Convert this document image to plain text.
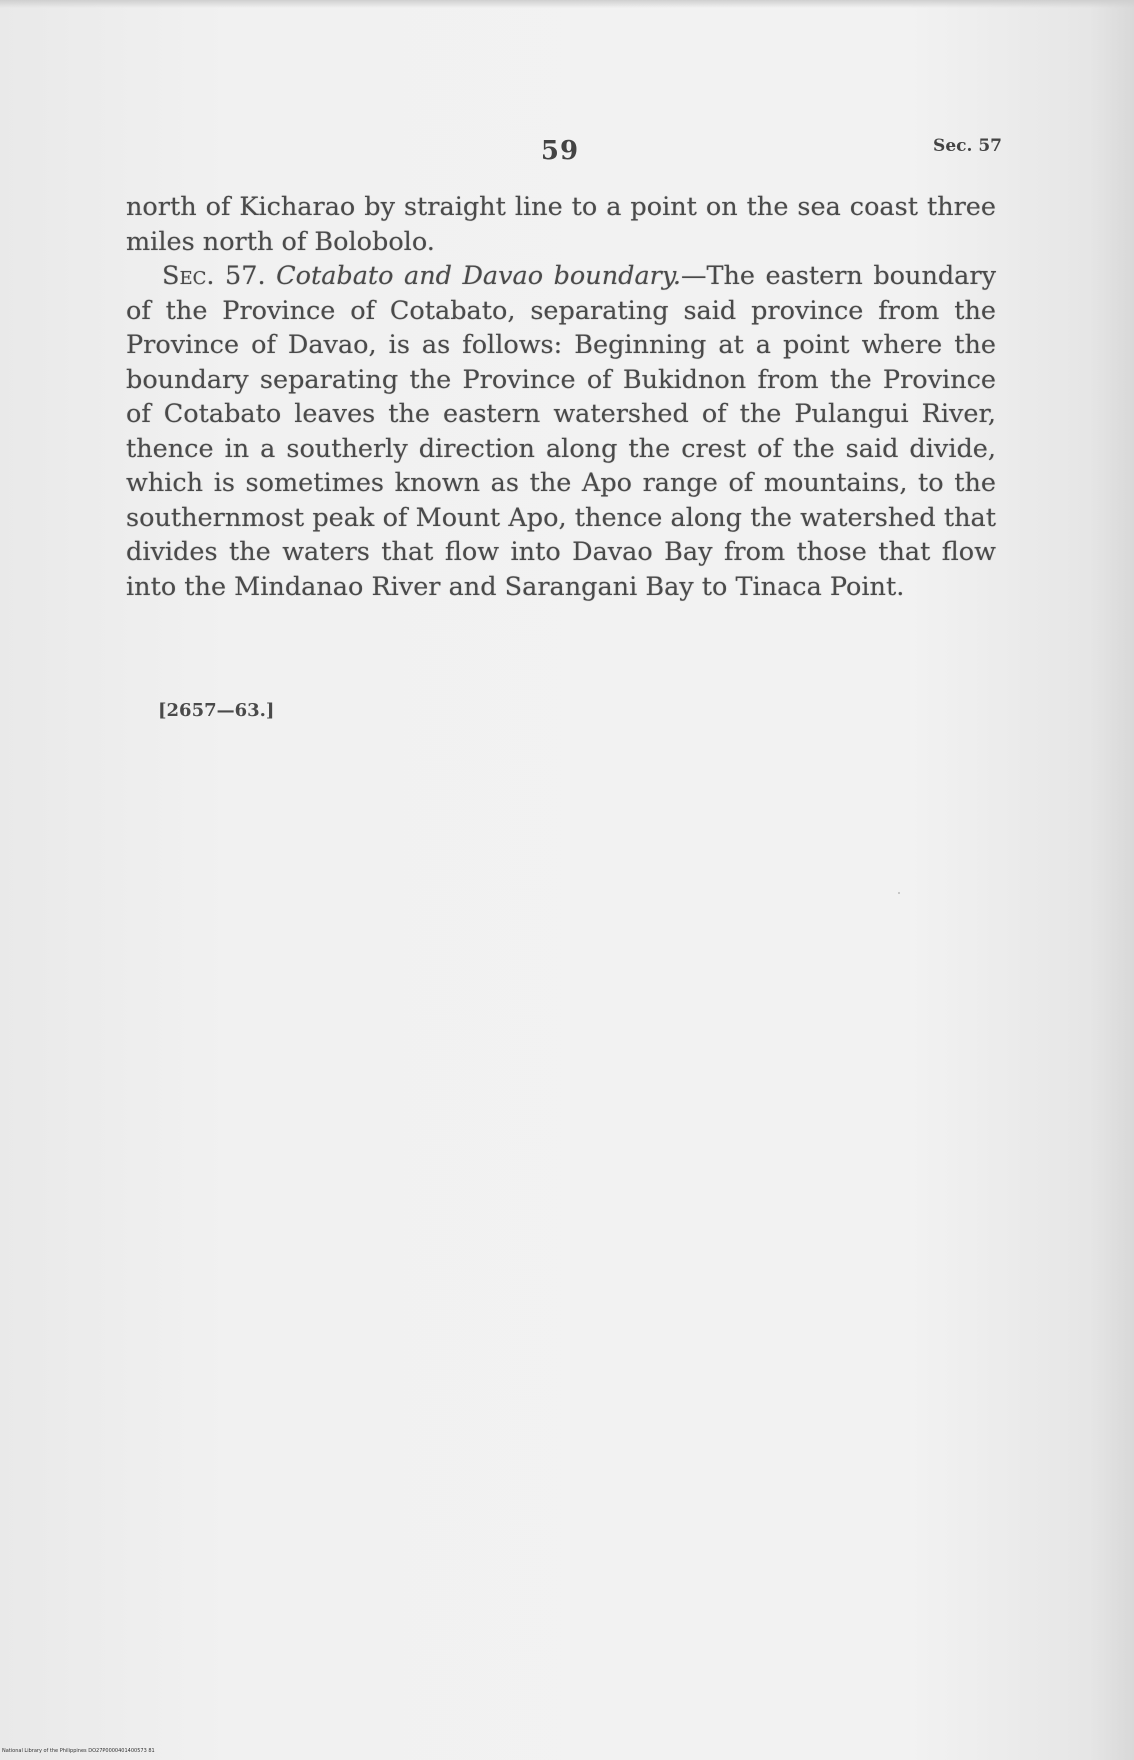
59	Sec. 57

north of Kicharao by straight line to a point on the sea coast three miles north of Bolobolo.

Sec. 57. Cotabato and Davao boundary.—The eastern boundary of the Province of Cotabato, separating said province from the Province of Davao, is as follows: Beginning at a point where the boundary separating the Province of Bukidnon from the Province of Cotabato leaves the eastern watershed of the Pulangui River, thence in a southerly direction along the crest of the said divide, which is sometimes known as the Apo range of mountains, to the southernmost peak of Mount Apo, thence along the watershed that divides the waters that flow into Davao Bay from those that flow into the Mindanao River and Sarangani Bay to Tinaca Point.

[2657—63.]
National Library of the Philippines DO27P0000401400573 81
